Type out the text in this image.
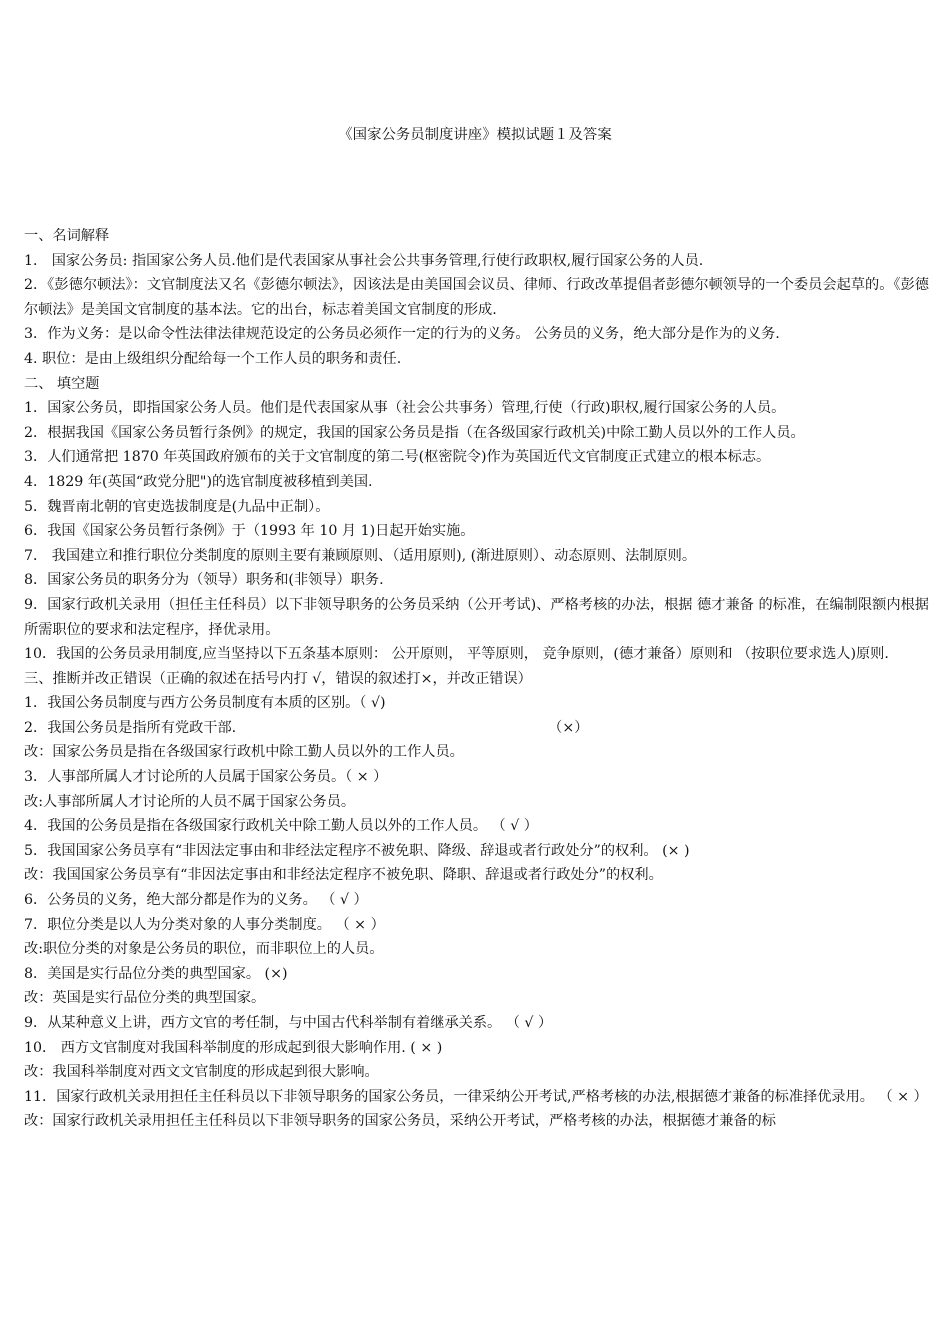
《国家公务员制度讲座》模拟试题１及答案

一、名词解释

1． 国家公务员: 指国家公务人员.他们是代表国家从事社会公共事务管理,行使行政职权,履行国家公务的人员.

2．《彭德尔顿法》：文官制度法又名《彭德尔顿法》，因该法是由美国国会议员、律师、行政改革提倡者彭德尔顿领导的一个委员会起草的。《彭德尔顿法》是美国文官制度的基本法。它的出台，标志着美国文官制度的形成.

3．作为义务：是以命令性法律法律规范设定的公务员必须作一定的行为的义务。 公务员的义务，绝大部分是作为的义务.

4. 职位：是由上级组织分配给每一个工作人员的职务和责任.

二、 填空题

1．国家公务员，即指国家公务人员。他们是代表国家从事（社会公共事务）管理,行使（行政)职权,履行国家公务的人员。

2．根据我国《国家公务员暂行条例》的规定，我国的国家公务员是指（在各级国家行政机关)中除工勤人员以外的工作人员。

3．人们通常把 1870 年英国政府颁布的关于文官制度的第二号(枢密院令)作为英国近代文官制度正式建立的根本标志。

4．1829 年(英国“政党分肥")的选官制度被移植到美国.

5．魏晋南北朝的官吏选拔制度是(九品中正制）。

6．我国《国家公务员暂行条例》于（1993 年 10 月 1)日起开始实施。

7． 我国建立和推行职位分类制度的原则主要有兼顾原则、（适用原则), (渐进原则）、动态原则、法制原则。

8．国家公务员的职务分为（领导）职务和(非领导）职务.

9．国家行政机关录用（担任主任科员）以下非领导职务的公务员采纳（公开考试)、严格考核的办法，根据 德才兼备 的标准，在编制限额内根据所需职位的要求和法定程序，择优录用。

10．我国的公务员录用制度,应当坚持以下五条基本原则： 公开原则， 平等原则， 竞争原则，(德才兼备）原则和 （按职位要求选人)原则.

三、推断并改正错误（正确的叙述在括号内打 √，错误的叙述打×，并改正错误）

1．我国公务员制度与西方公务员制度有本质的区别。（ √)

2．我国公务员是指所有党政干部.	（×）

改：国家公务员是指在各级国家行政机中除工勤人员以外的工作人员。

3．人事部所属人才讨论所的人员属于国家公务员。（ × ）

改:人事部所属人才讨论所的人员不属于国家公务员。

4．我国的公务员是指在各级国家行政机关中除工勤人员以外的工作人员。 （ √ ）

5．我国国家公务员享有“非因法定事由和非经法定程序不被免职、降级、辞退或者行政处分”的权利。 (× )

改：我国国家公务员享有“非因法定事由和非经法定程序不被免职、降职、辞退或者行政处分”的权利。

6．公务员的义务，绝大部分都是作为的义务。 （ √ ）

7．职位分类是以人为分类对象的人事分类制度。 （ × ）

改:职位分类的对象是公务员的职位，而非职位上的人员。

8．美国是实行品位分类的典型国家。 (×)

改：英国是实行品位分类的典型国家。

9．从某种意义上讲，西方文官的考任制，与中国古代科举制有着继承关系。 （ √ ）

10． 西方文官制度对我国科举制度的形成起到很大影响作用. ( × )

改：我国科举制度对西文文官制度的形成起到很大影响。

11．国家行政机关录用担任主任科员以下非领导职务的国家公务员，一律采纳公开考试,严格考核的办法,根据德才兼备的标准择优录用。 （ × ）

改：国家行政机关录用担任主任科员以下非领导职务的国家公务员，采纳公开考试，严格考核的办法，根据德才兼备的标
